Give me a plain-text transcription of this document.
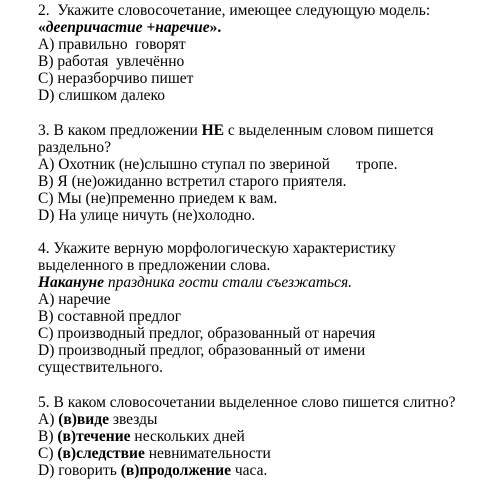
2.  Укажите словосочетание, имеющее следующую модель:
«деепричастие +наречие».
А) правильно  говорят
В) работая  увлечённо
С) неразборчиво пишет
D) слишком далеко
3. В каком предложении НЕ с выделенным словом пишется
раздельно?
А) Охотник (не)слышно ступал по звериной тропе.
В) Я (не)ожиданно встретил старого приятеля.
С) Мы (не)пременно приедем к вам.
D) На улице ничуть (не)холодно.
4. Укажите верную морфологическую характеристику
выделенного в предложении слова.
Накануне праздника гости стали съезжаться.
А) наречие
В) составной предлог
С) производный предлог, образованный от наречия
D) производный предлог, образованный от имени
существительного.
5. В каком словосочетании выделенное слово пишется слитно?
А) (в)виде звезды
В) (в)течение нескольких дней
С) (в)следствие невнимательности
D) говорить (в)продолжение часа.
